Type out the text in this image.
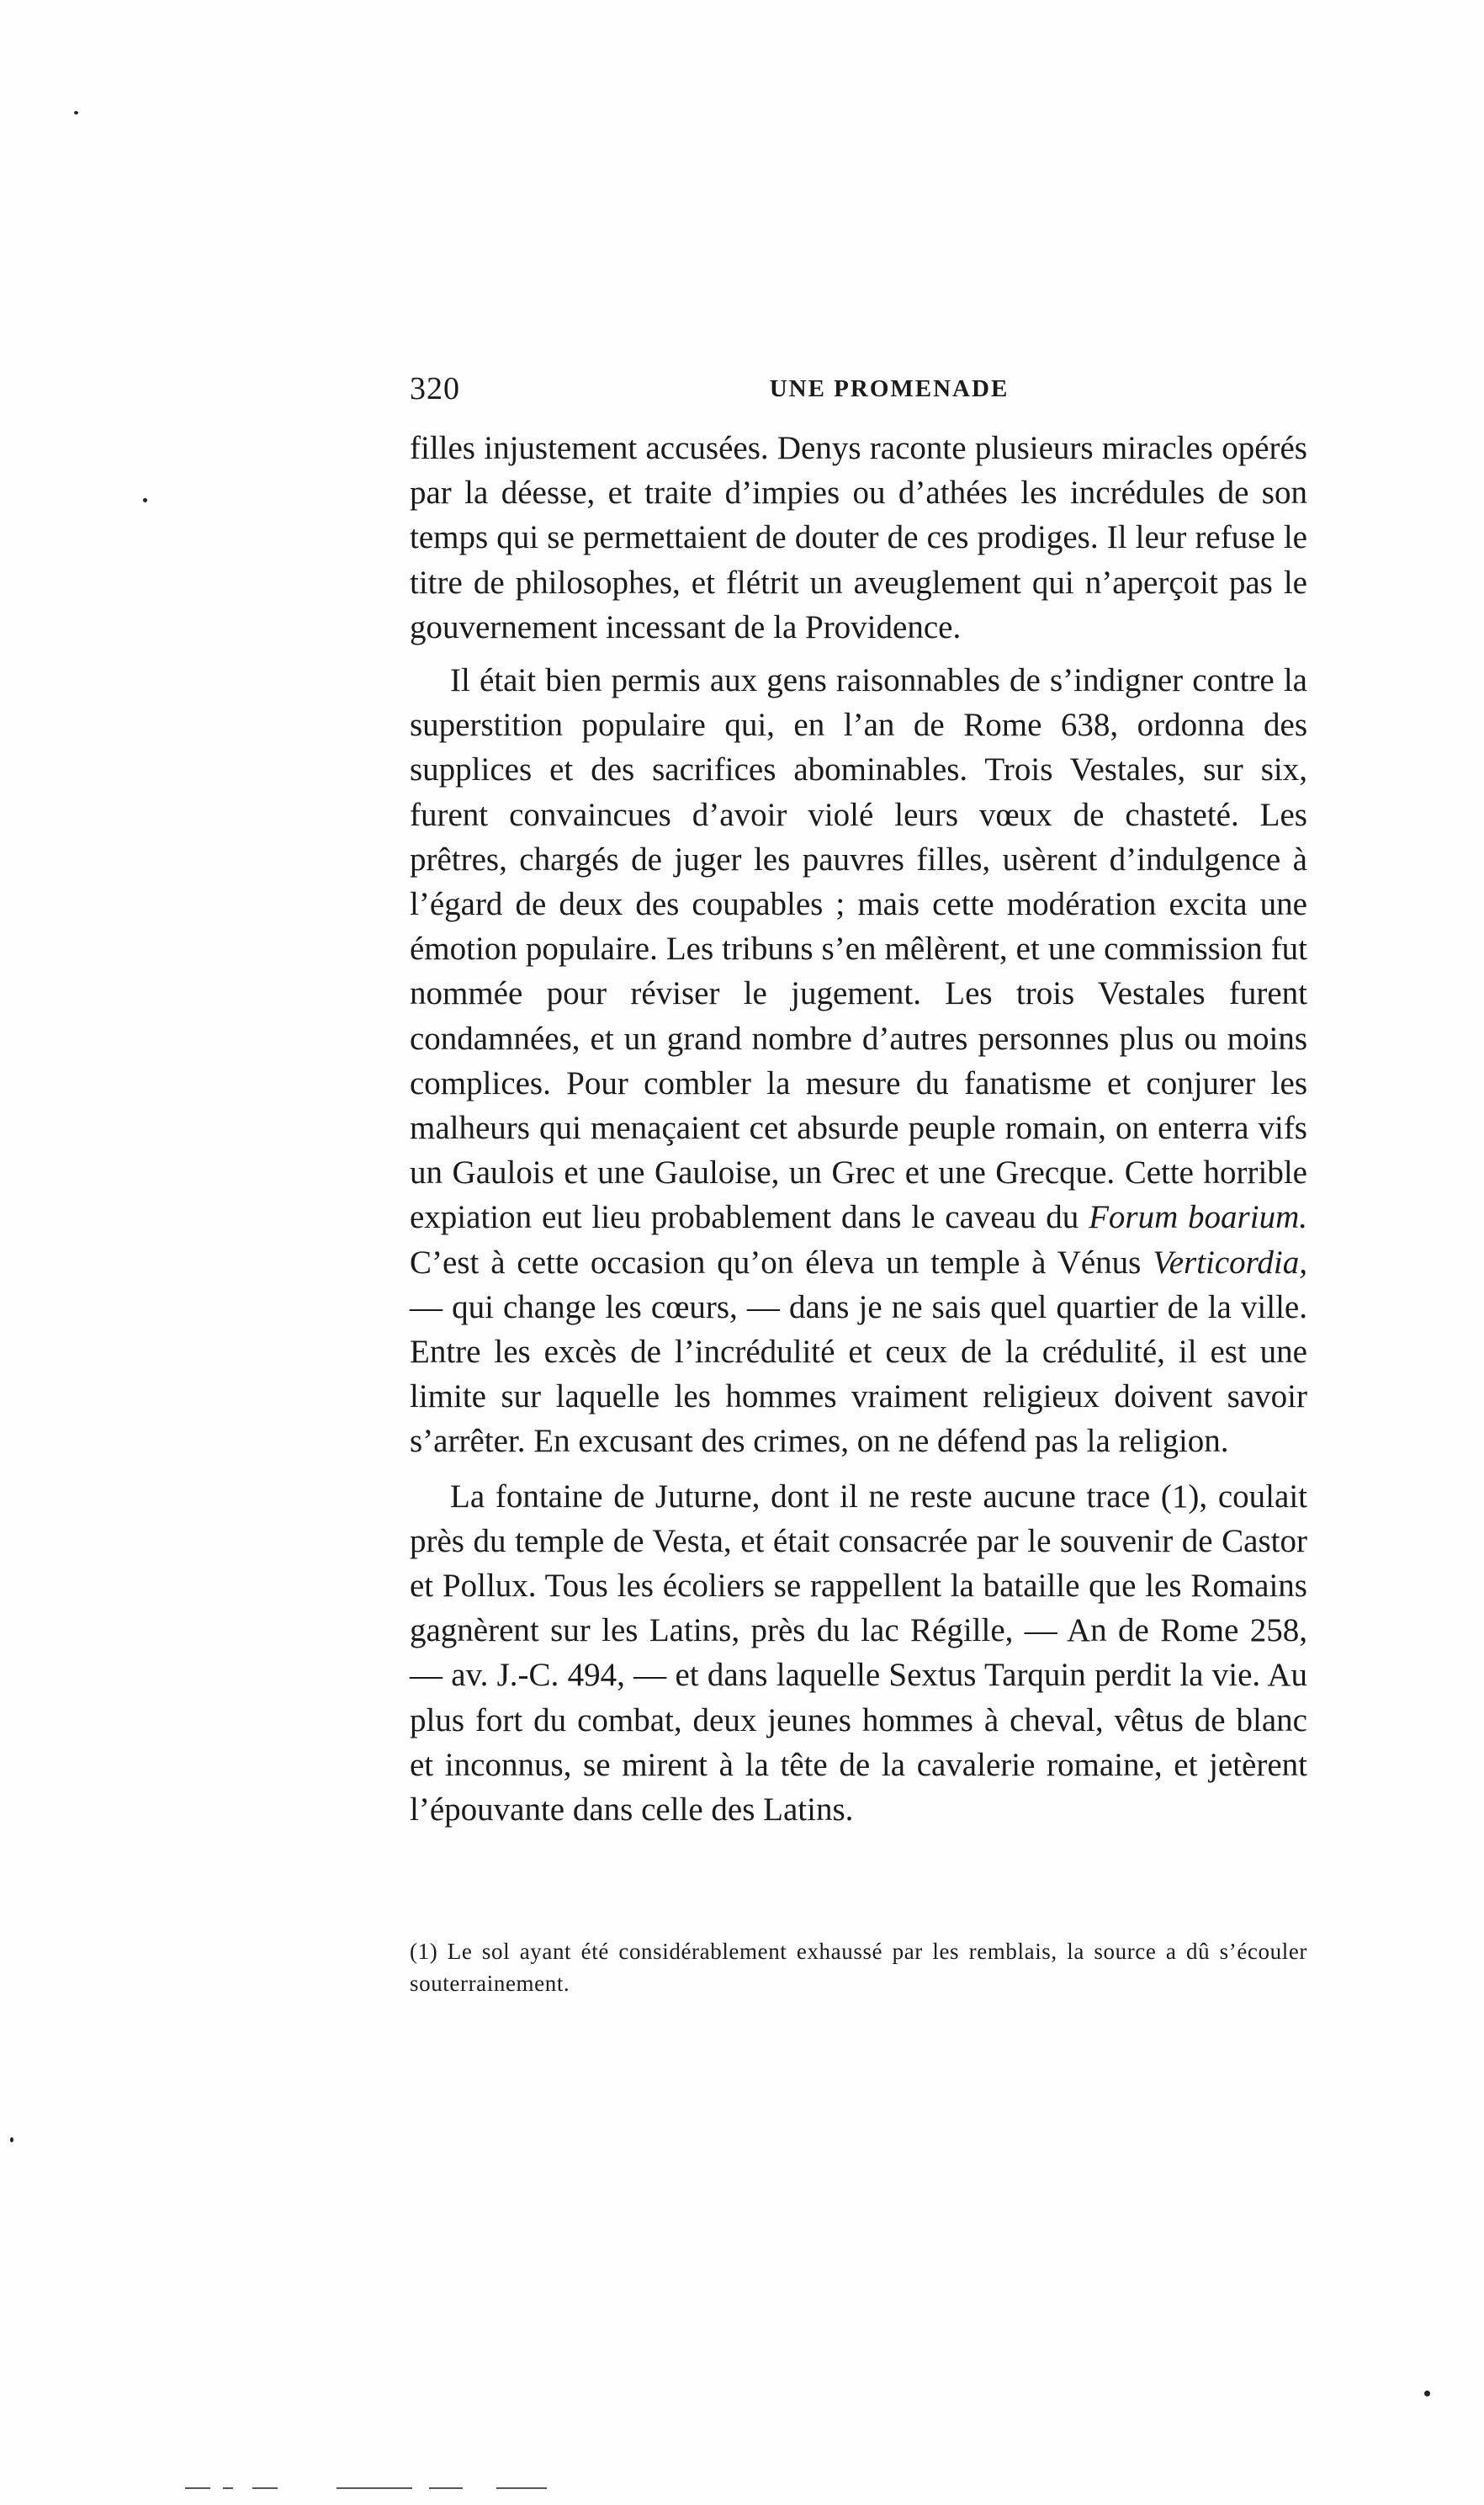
320	UNE PROMENADE

filles injustement accusées. Denys raconte plusieurs miracles opérés par la déesse, et traite d’impies ou d’athées les incrédules de son temps qui se permettaient de douter de ces prodiges. Il leur refuse le titre de philosophes, et flétrit un aveuglement qui n’aperçoit pas le gouvernement incessant de la Providence.

Il était bien permis aux gens raisonnables de s’indigner contre la superstition populaire qui, en l’an de Rome 638, ordonna des supplices et des sacrifices abominables. Trois Vestales, sur six, furent convaincues d’avoir violé leurs vœux de chasteté. Les prêtres, chargés de juger les pauvres filles, usèrent d’indulgence à l’égard de deux des coupables ; mais cette modération excita une émotion populaire. Les tribuns s’en mêlèrent, et une commission fut nommée pour réviser le jugement. Les trois Vestales furent condamnées, et un grand nombre d’autres personnes plus ou moins complices. Pour combler la mesure du fanatisme et conjurer les malheurs qui menaçaient cet absurde peuple romain, on enterra vifs un Gaulois et une Gauloise, un Grec et une Grecque. Cette horrible expiation eut lieu probablement dans le caveau du Forum boarium. C’est à cette occasion qu’on éleva un temple à Vénus Verticordia, — qui change les cœurs, — dans je ne sais quel quartier de la ville. Entre les excès de l’incrédulité et ceux de la crédulité, il est une limite sur laquelle les hommes vraiment religieux doivent savoir s’arrêter. En excusant des crimes, on ne défend pas la religion.

La fontaine de Juturne, dont il ne reste aucune trace (1), coulait près du temple de Vesta, et était consacrée par le souvenir de Castor et Pollux. Tous les écoliers se rappellent la bataille que les Romains gagnèrent sur les Latins, près du lac Régille, — An de Rome 258, — av. J.-C. 494, — et dans laquelle Sextus Tarquin perdit la vie. Au plus fort du combat, deux jeunes hommes à cheval, vêtus de blanc et inconnus, se mirent à la tête de la cavalerie romaine, et jetèrent l’épouvante dans celle des Latins.

(1) Le sol ayant été considérablement exhaussé par les remblais, la source a dû s’écouler souterrainement.
